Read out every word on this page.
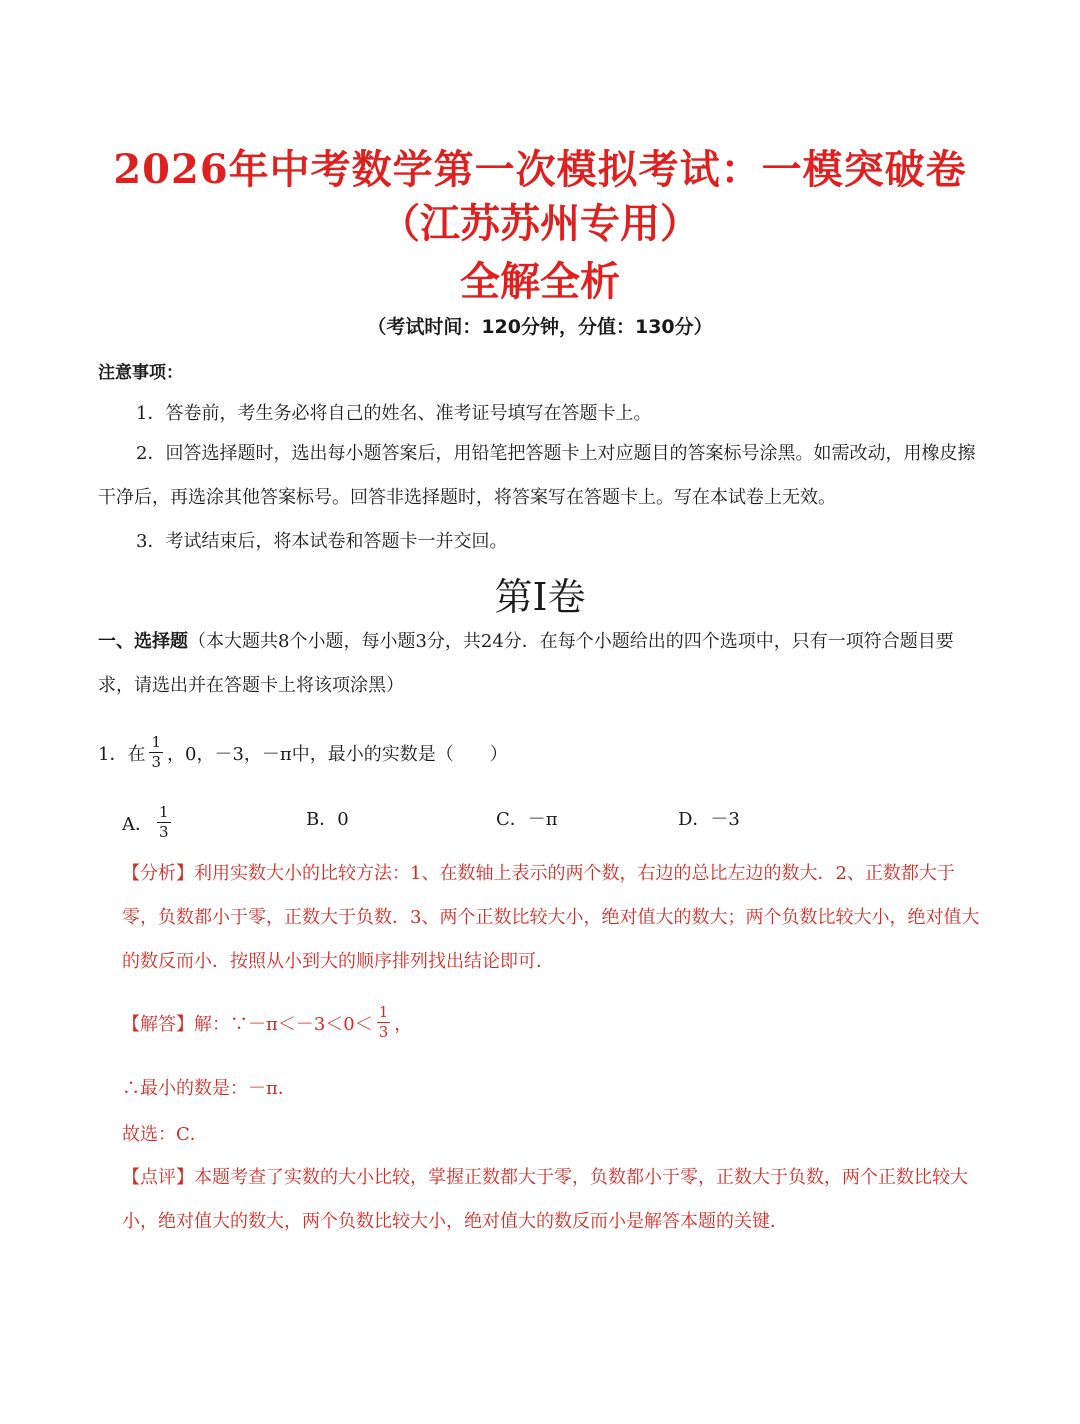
2026年中考数学第一次模拟考试：一模突破卷
（江苏苏州专用）
全解全析
（考试时间：120分钟，分值：130分）
注意事项：
1．答卷前，考生务必将自己的姓名、准考证号填写在答题卡上。
2．回答选择题时，选出每小题答案后，用铅笔把答题卡上对应题目的答案标号涂黑。如需改动，用橡皮擦干净后，再选涂其他答案标号。回答非选择题时，将答案写在答题卡上。写在本试卷上无效。
3．考试结束后，将本试卷和答题卡一并交回。
第I卷
一、选择题（本大题共8个小题，每小题3分，共24分．在每个小题给出的四个选项中，只有一项符合题目要求，请选出并在答题卡上将该项涂黑）
1．在 $\frac{1}{3}$ ，0，－3，－π中，最小的实数是（　　）
A． $\frac{1}{3}$	B．0	C．－π	D．－3
【分析】利用实数大小的比较方法：1、在数轴上表示的两个数，右边的总比左边的数大．2、正数都大于零，负数都小于零，正数大于负数．3、两个正数比较大小，绝对值大的数大；两个负数比较大小，绝对值大的数反而小．按照从小到大的顺序排列找出结论即可．
【解答】解：∵－π＜－3＜0＜ $\frac{1}{3}$ ，
∴最小的数是：－π．
故选：C．
【点评】本题考查了实数的大小比较，掌握正数都大于零，负数都小于零，正数大于负数，两个正数比较大小，绝对值大的数大，两个负数比较大小，绝对值大的数反而小是解答本题的关键．
